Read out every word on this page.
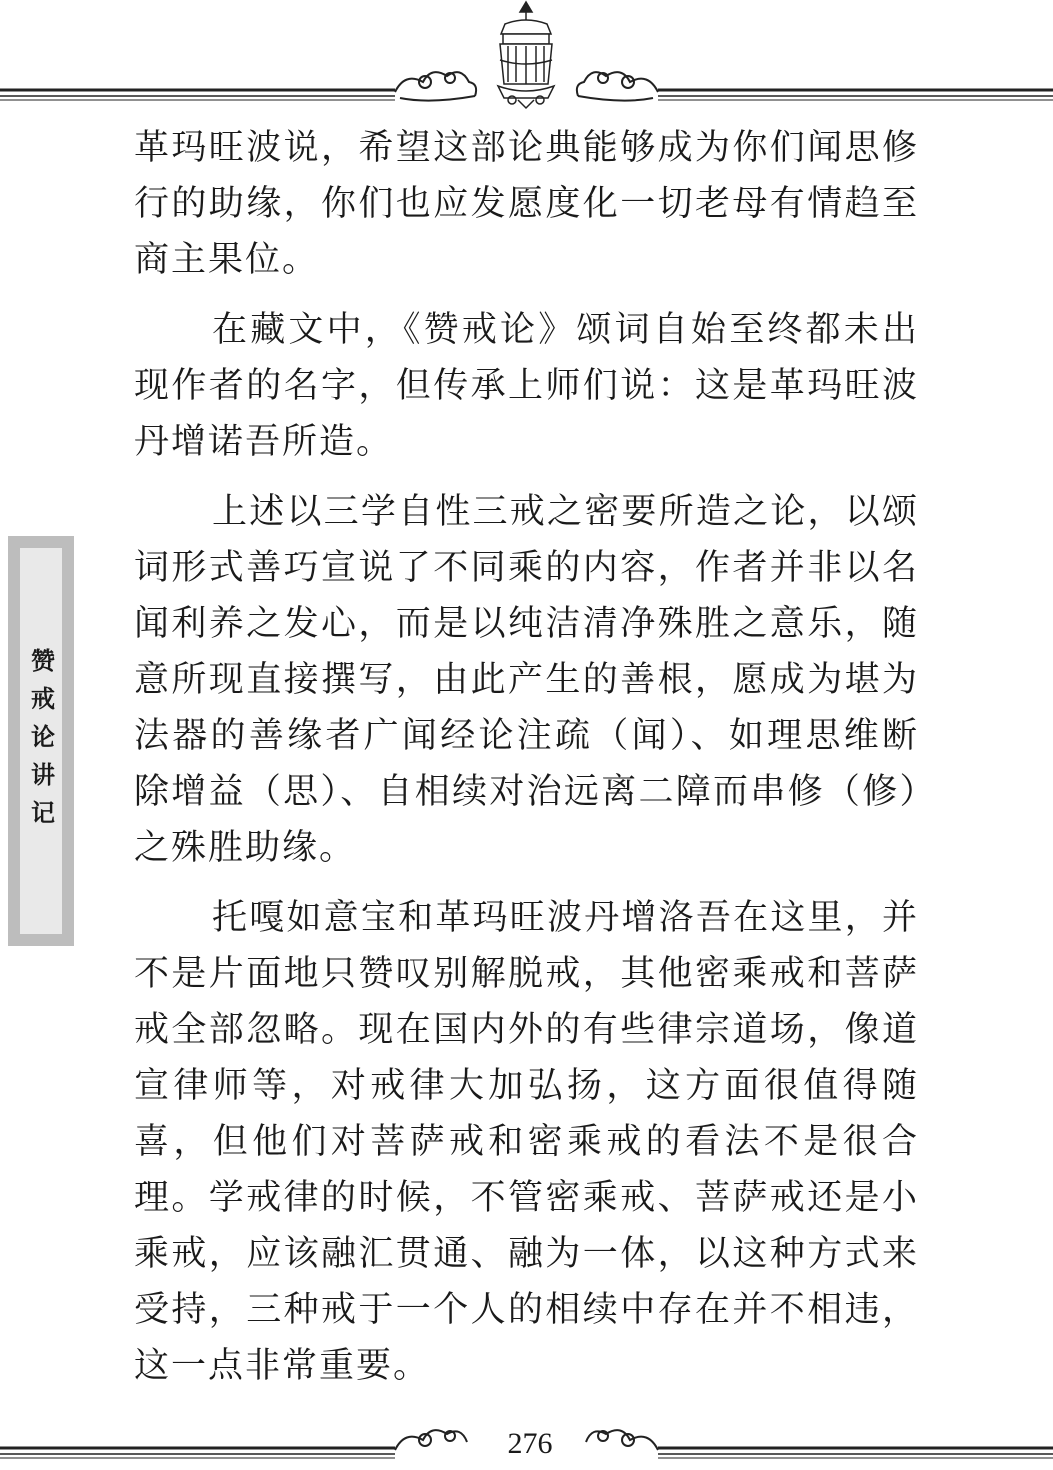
赞戒论讲记

革玛旺波说，希望这部论典能够成为你们闻思修行的助缘，你们也应发愿度化一切老母有情趋至商主果位。

在藏文中，《赞戒论》颂词自始至终都未出现作者的名字，但传承上师们说：这是革玛旺波丹增诺吾所造。

上述以三学自性三戒之密要所造之论，以颂词形式善巧宣说了不同乘的内容，作者并非以名闻利养之发心，而是以纯洁清净殊胜之意乐，随意所现直接撰写，由此产生的善根，愿成为堪为法器的善缘者广闻经论注疏（闻）、如理思维断除增益（思）、自相续对治远离二障而串修（修）之殊胜助缘。

托嘎如意宝和革玛旺波丹增洛吾在这里，并不是片面地只赞叹别解脱戒，其他密乘戒和菩萨戒全部忽略。现在国内外的有些律宗道场，像道宣律师等，对戒律大加弘扬，这方面很值得随喜，但他们对菩萨戒和密乘戒的看法不是很合理。学戒律的时候，不管密乘戒、菩萨戒还是小乘戒，应该融汇贯通、融为一体，以这种方式来受持，三种戒于一个人的相续中存在并不相违，这一点非常重要。

276
